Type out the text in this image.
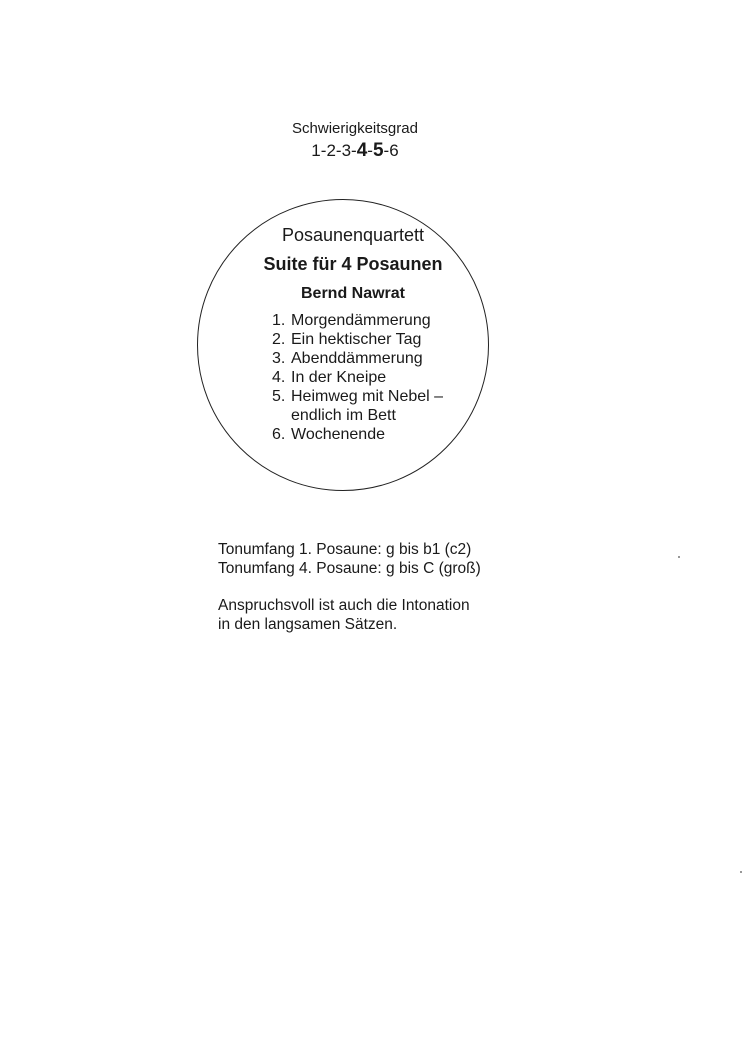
Schwierigkeitsgrad
1-2-3-4-5-6
Posaunenquartett
Suite für 4 Posaunen
Bernd Nawrat
1. Morgendämmerung
2. Ein hektischer Tag
3. Abenddämmerung
4. In der Kneipe
5. Heimweg mit Nebel –
endlich im Bett
6. Wochenende
Tonumfang 1. Posaune: g bis b1 (c2)
Tonumfang 4. Posaune: g bis C (groß)
Anspruchsvoll ist auch die Intonation
in den langsamen Sätzen.
